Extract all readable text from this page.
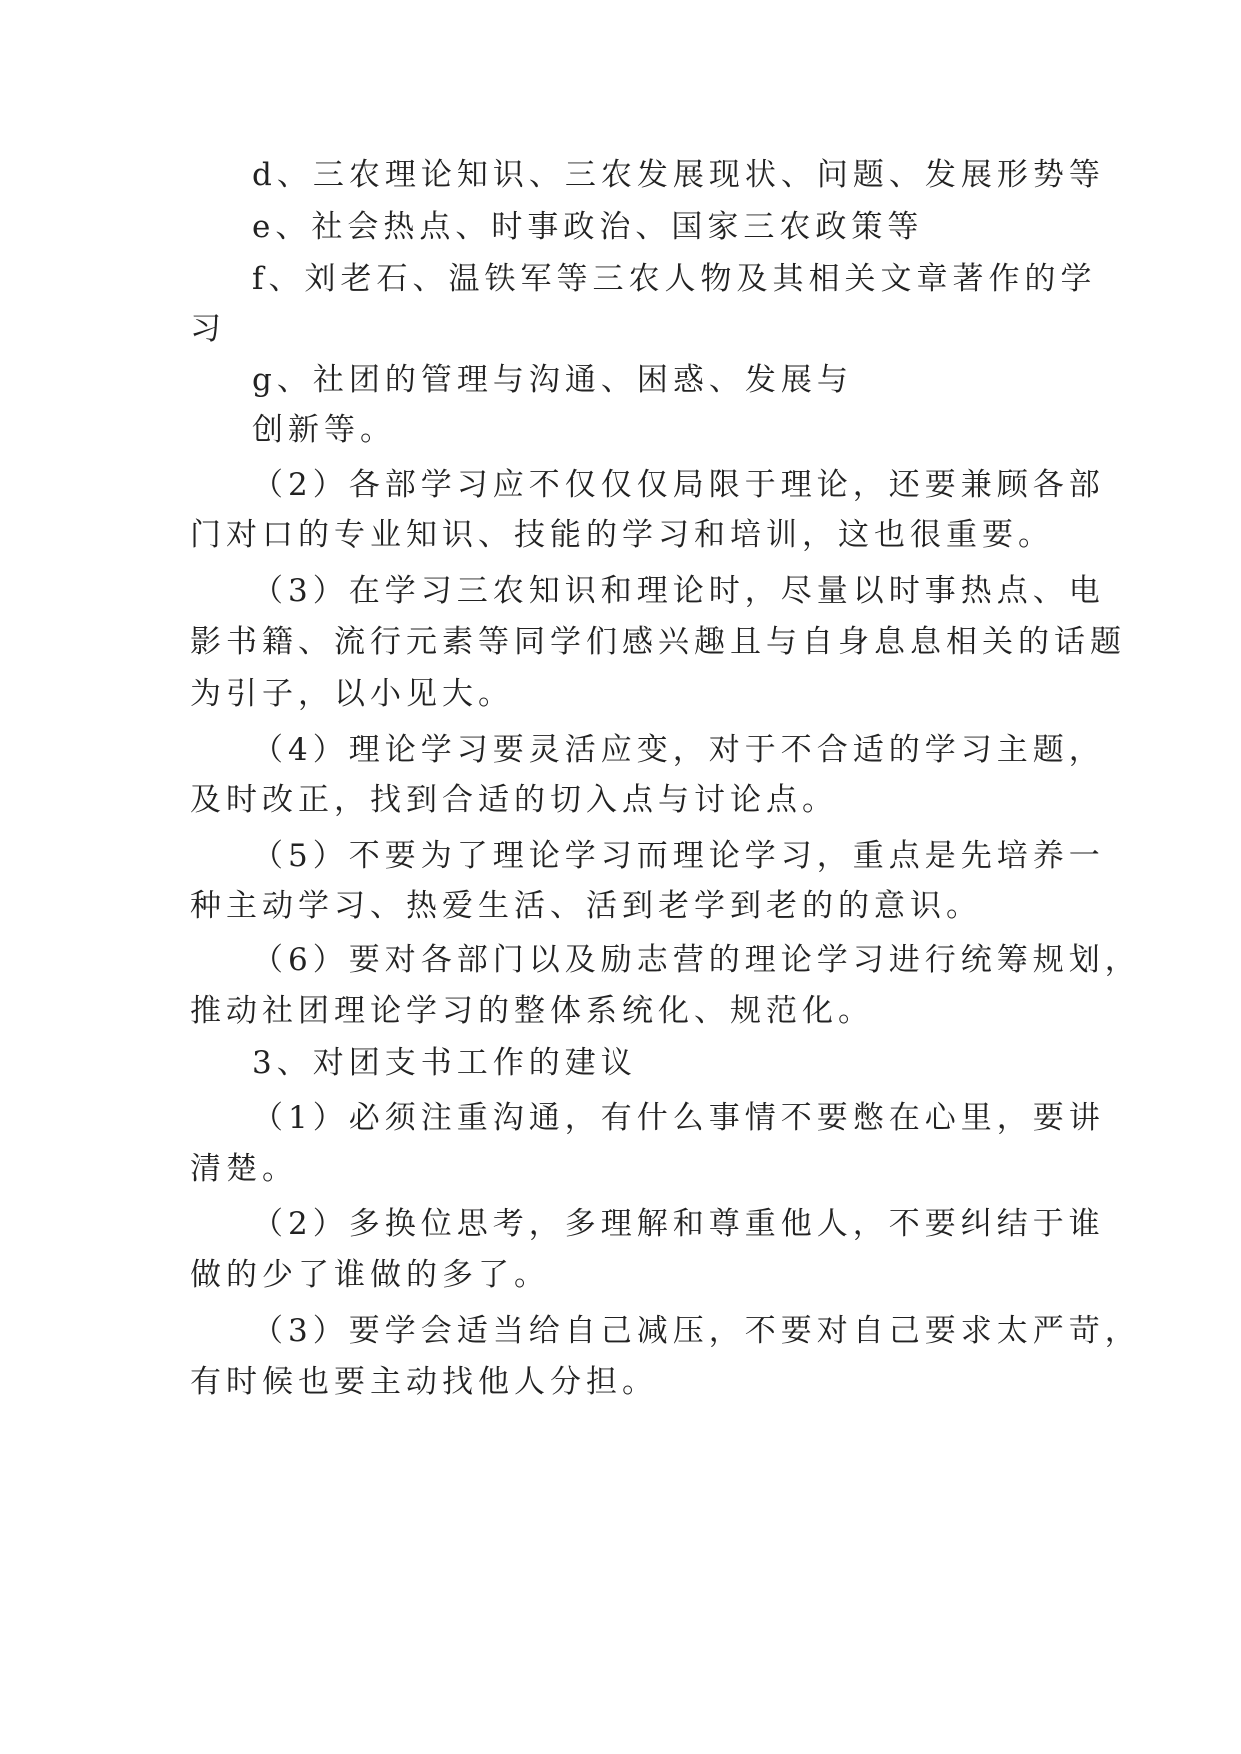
d、三农理论知识、三农发展现状、问题、发展形势等
e、社会热点、时事政治、国家三农政策等
f、刘老石、温铁军等三农人物及其相关文章著作的学
习
g、社团的管理与沟通、困惑、发展与
创新等。
（2）各部学习应不仅仅仅局限于理论，还要兼顾各部
门对口的专业知识、技能的学习和培训，这也很重要。
（3）在学习三农知识和理论时，尽量以时事热点、电
影书籍、流行元素等同学们感兴趣且与自身息息相关的话题
为引子，以小见大。
（4）理论学习要灵活应变，对于不合适的学习主题，
及时改正，找到合适的切入点与讨论点。
（5）不要为了理论学习而理论学习，重点是先培养一
种主动学习、热爱生活、活到老学到老的的意识。
（6）要对各部门以及励志营的理论学习进行统筹规划，
推动社团理论学习的整体系统化、规范化。
3、对团支书工作的建议
（1）必须注重沟通，有什么事情不要憋在心里，要讲
清楚。
（2）多换位思考，多理解和尊重他人，不要纠结于谁
做的少了谁做的多了。
（3）要学会适当给自己减压，不要对自己要求太严苛，
有时候也要主动找他人分担。
